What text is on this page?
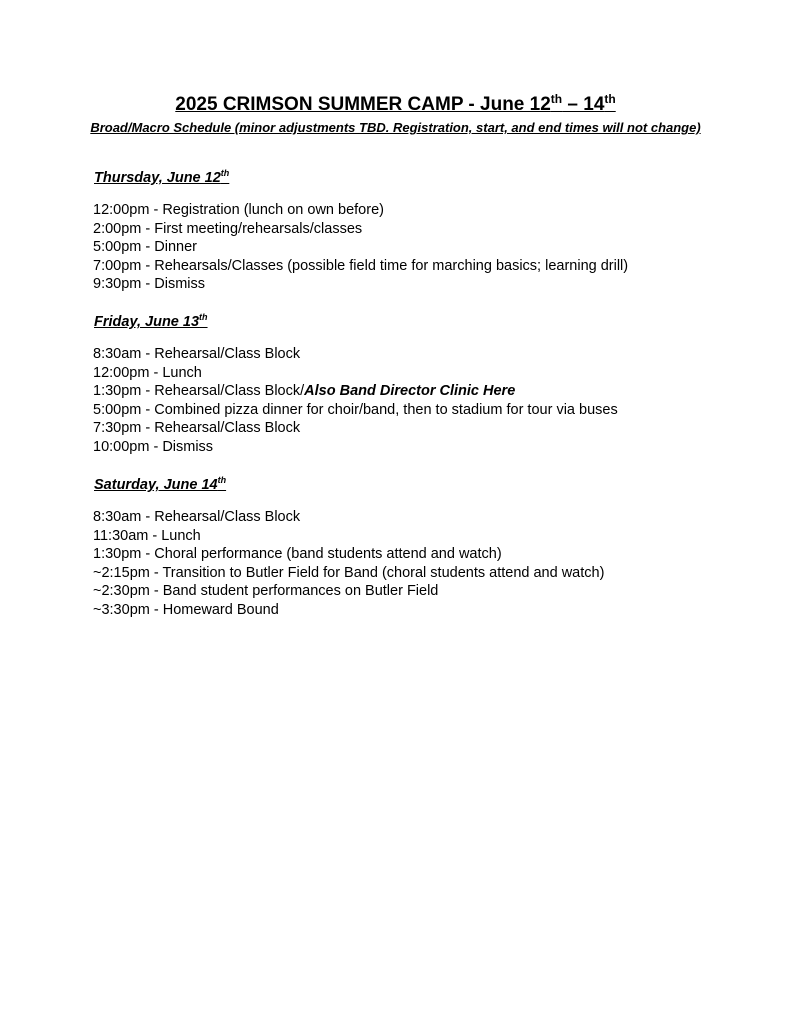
2025 CRIMSON SUMMER CAMP - June 12th – 14th
Broad/Macro Schedule (minor adjustments TBD. Registration, start, and end times will not change)
Thursday, June 12th
12:00pm - Registration (lunch on own before)
2:00pm - First meeting/rehearsals/classes
5:00pm - Dinner
7:00pm - Rehearsals/Classes (possible field time for marching basics; learning drill)
9:30pm - Dismiss
Friday, June 13th
8:30am - Rehearsal/Class Block
12:00pm - Lunch
1:30pm - Rehearsal/Class Block/Also Band Director Clinic Here
5:00pm - Combined pizza dinner for choir/band, then to stadium for tour via buses
7:30pm - Rehearsal/Class Block
10:00pm - Dismiss
Saturday, June 14th
8:30am - Rehearsal/Class Block
11:30am - Lunch
1:30pm - Choral performance (band students attend and watch)
~2:15pm - Transition to Butler Field for Band (choral students attend and watch)
~2:30pm - Band student performances on Butler Field
~3:30pm - Homeward Bound
